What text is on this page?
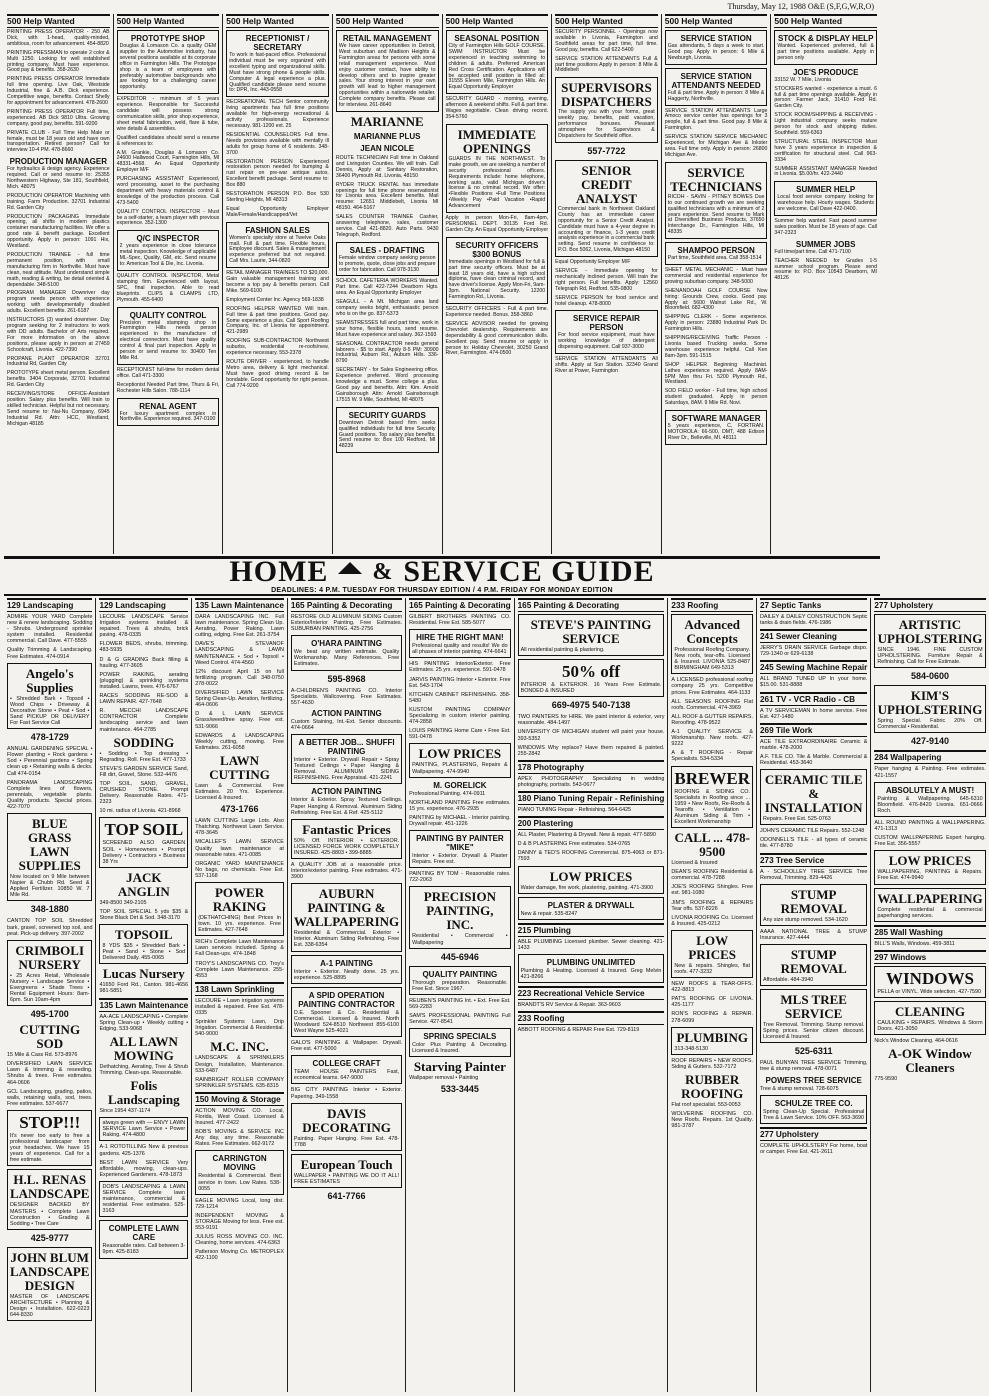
Thursday, May 12, 1988 O&E (S,F,G,W,R,O)
500 Help Wanted
PRINTING PRESS OPERATOR - 250 AB Dick, with 1-head, quality-minded, ambitious, room for advancement. 454-8820
PRINTING PRESSMAN to operate 2 color & Multi 1250. Looking for well established printing company. Must have experience. Good pay & benefits. 358-2630
PRINTING PRESS OPERATOR Immediate full time opening. Live Oak, Westside Industrial, fine & A.B. Dick experience. Competitive wage, benefits. Contact Shelly for appointment for advancement. 478-2600
PRINTING PRESS OPERATOR Full time, experienced. AB Dick 9810 Ultra. Growing company, good pay, benefits. 591-9200
PRIVATE CLUB - Full Time Help Male or female, must be 18 years old and have own transportation. Retired person? Call for interview 10-4 PM. 478-8660
PRODUCTION MANAGER
For hydraulics & design agency. Experience required. Call or send resume to: 25355 Northwestern Highway, Ste 181, Southfield, Mich. 48075
PRODUCTION OPERATOR Machining with training. Farm Production. 32701 Industrial Rd. Garden City
PRODUCTION PACKAGING Immediate opening, all shifts in modern plastics container manufacturing facilities. We offer a good rate & benefit package. Excellent opportunity. Apply in person: 1091 Hix, Westland.
PRODUCTION TRAINEE - full time permanent position, with small manufacturing firm in Northville. Must have clean, neat attitude. Must understand simple math, reading & writing, be detail oriented & dependable. 348-5100
PROGRAM MANAGER Downriver day program needs person with experience working with developmentally disabled adults. Excellent benefits. 261-6187
INSTRUCTORS (3) wanted downriver. Day program seeking for 2 instructors to work with DD adults. Bachelor of Arts required. For more information on the above positions, please apply in person at 27459 Schoolcraft, Livonia. 422-7390
PROPANE PLANT OPERATOR 32701 Industrial Rd, Garden City
PROTOTYPE sheet metal person. Excellent benefits. 3404 Corporate, 32701 Industrial Rd. Garden City
RECEIVING/STORE OFFICE-Assistant position. Salary plus benefits. Will train to skilled technician. Helpful but not necessary. Send resume to: Nai-Nu Company, 6945 Industrial Rd. Attn: HCC, Westland, Michigan 48185
500 Help Wanted
PROTOTYPE SHOP
Douglas & Lomason Co. a quality OEM supplier to the Automotive industry, has several positions available at its corporate office in Farmington Hills. The Prototype shop is a team of employees with preferably automotive backgrounds who are looking for a challenging career opportunity.
EXPEDITOR - minimum of 5 years experience. Responsible for Successful candidate will possess strong communication skills, prior shop experience, sheet metal fabrication, weld, flare & tube, wire details & assemblies.
Qualified candidates should send a resume & references to:
A.M. Grankie, Douglas & Lomason Co. 24600 Hallwood Court, Farmington Hills, MI 48331-4568. An Equal Opportunity Employer M/F
PURCHASING ASSISTANT Experienced, word processing, asset to the purchasing department with heavy materials control & knowledge of the production process. Call 473-5400
QUALITY CONTROL INSPECTOR - Must be a self-starter, a team player with previous experience. 352-1300
Q/C INSPECTOR
2 years experience in close tolerance metal inspection. Knowledge of applicable ML-Spec, Quality, GM, etc. Send resume to: American Tool & Die, Inc. Livonia.
QUALITY CONTROL INSPECTOR, Metal stamping firm. Experienced with layout, SPC, final inspection. Able to read blueprints. CLIPS & CLAMPS LTD, Plymouth. 455-6400
QUALITY CONTROL
Precision metal stamping shop in Farmington Hills needs person experienced in the manufacture of electrical connectors. Must have quality control & final part inspection. Apply in person or send resume to: 30400 Ten Mile Rd.
RECEPTIONIST full-time for modern dental office. Call 471-3300
Receptionist Needed Part time, Thurs & Fri, Rochester Hills Salon. 788-1114
RENAL AGENT
For luxury apartment complex in Northville. Experience required. 347-0100
500 Help Wanted
RECEPTIONIST / SECRETARY
To work in fast-paced office. Professional individual must be very organized with excellent typing and organizational skills. Must have strong phone & people skills. Computer & legal experience a plus. Qualified candidate please send resume to: DPR, Inc. 443-0558
RECREATIONAL TECH Senior community living apartments has full time positions available for high-energy recreational & activity professionals. Experience necessary. 981-1200 ext. 25
RESIDENTIAL COUNSELORS Full time. Needs provisions available with mentally ill adults for group home of 6 residents. 348-3700
RESTORATION PERSON Experienced restoration person needed for bumping & rust repair on pre-war antique autos. Excellent benefit package. Send resume to: Box 880
RESTORATION PERSON P.O. Box 530 Sterling Heights, MI 48313
Equal Opportunity Employer Male/Female/Handicapped/Vet
FASHION SALES
Women's specialty store at Twelve Oaks mall. Full & part time. Flexible hours, Employee discount. Sales & management experience preferred but not required. Call Mrs. Laurie, 344-0820
RETAIL MANAGER TRAINEES TO $20,000. Gain valuable management training and become a top pay & benefits person. Call Mike. 569-6100
Employment Center Inc. Agency 569-1838
ROOFING HELPER WANTED Will train. Full time & part time positions. Good pay. Some experience a plus. Call Sport Roofing Company, Inc. of Livonia for appointment. 421-2989
ROOFING SUB-CONTRACTOR Northwest suburbs, residential re-roofs/new, experience necessary. 553-2378
ROUTE DRIVER - experienced, to handle Metro area, delivery & light mechanical. Must have good driving record & be bondable. Good opportunity for right person. Call 774-9200
500 Help Wanted
RETAIL MANAGEMENT
We have career opportunities in Detroit, West suburban and Madison Heights & Farmington areas for persons with some retail management experience. Must enjoy customer contact, have ability to develop others and to inspire greater sales. Your strong interest in your own growth will lead to higher management opportunities within a nationwide retailer. Complete company benefits. Please call for interview. 261-8640
MARIANNE
MARIANNE PLUS
JEAN NICOLE
ROUTE TECHNICIAN Full time in Oakland and Livingston Counties. We will train. Call Dennis, Apply at: Sanitary Restoration, 36400 Plymouth Rd. Livonia, 48150
RYDER TRUCK RENTAL has immediate openings for full time phone reservationist for Livonia area. Excellent benefits. Mail resume: 12651 Middlebelt, Livonia MI 48150. 464-5167
SALES COUNTER TRAINEE Cashier, answering telephone, sales, customer service. Call 421-8820. Auto Parts. 9430 Telegraph, Redford.
SALES - DRAFTING
Female window company seeking person to promote, quote, close jobs and prepare order for fabrication. Call 978-3130
SCHOOL CAFETERIA WORKERS Wanted. Part time. Call 422-7244 Dearborn Hgts. area. An Equal Opportunity Employer
SEAGULL - A Mt. Michigan area land company seeks bright, enthusiastic person who is on the go. 837-5373
SEAMSTRESSES full and part time, work in your home, flexible hours, send resume. Must have experience and salary. 362-1593
SEASONAL CONTRACTOR needs general laborers - $5 to start. Apply 8-5 PM: 30900 Industrial, Auburn Rd., Auburn Hills. 336-8790
SECRETARY - for Sales Engineering office. Experience preferred. Word processing knowledge a must. Some college a plus. Good pay and benefits. Attn: Kim. Arnold Gainsborough Attn: Arnold Gainsborough 17515 W. 9 Mile, Southfield, MI 48075
SECURITY GUARDS
Downtown Detroit based firm seeks qualified individuals for full time Security Guard positions. Top salary plus benefits. Send resume to: Box 100 Redford, MI 48239
500 Help Wanted
SEASONAL POSITION
City of Farmington Hills GOLF COURSE. SWIM INSTRUCTOR Must be experienced in teaching swimming to children & adults. Preferred American Red Cross Certification. Applications will be accepted until position is filled at: 31555 Eleven Mile, Farmington Hills. An Equal Opportunity Employer
SECURITY GUARD - morning, evening, afternoon & weekend shifts. Full & part time. Wages negotiable. Clean driving record. 354-5760
IMMEDIATE OPENINGS
GUARDS IN THE NORTHWEST. To make growth, we are seeking a number of security professional officers. Requirements include: home telephone, working auto, valid Michigan driver's license & no criminal record. We offer: •Flexible Positions •Full Time Positions •Weekly Pay •Paid Vacation •Rapid Advancement
Apply in person Mon-Fri, 8am-4pm, PERSONNEL DEPT. 30135 Ford Rd. Garden City. An Equal Opportunity Employer
SECURITY OFFICERS $300 BONUS
Immediate openings in Westland for full & part time security officers. Must be at least 18 years old, have a high school diploma, have clean criminal record, and have driver's license. Apply Mon-Fri, 9am-3pm. National Security. 12200 Farmington Rd., Livonia.
SECURITY OFFICERS - Full & part time. Experience needed. Bonus. 358-3860
SERVICE ADVISOR needed for growing Chevrolet dealership. Requirements are dependability & good communication skills. Excellent pay. Send resume or apply in person to: Holiday Chevrolet, 30250 Grand River, Farmington. 474-0500
500 Help Wanted
SECURITY PERSONNEL - Openings now available in Livonia, Farmington and Southfield areas for part time, full time. Good pay, benefits. Call 622-5400
SERVICE STATION ATTENDANTS Full & part time positions Apply in person: 8 Mile & Middlebelt
SUPERVISORS DISPATCHERS
The supply you with your forms, great weekly pay, benefits, paid vacation, performance bonuses. Pleasant atmosphere for Supervisors & Dispatchers for Southfield office.
557-7722
SENIOR CREDIT ANALYST
Commercial bank in Northwest Oakland County has an immediate career opportunity for a Senior Credit Analyst. Candidate must have a 4-year degree in accounting or finance, 1-3 years credit analysis experience in a commercial bank setting. Send resume in confidence to: P.O. Box 5062, Livonia, Michigan 48150
Equal Opportunity Employer M/F
SERVICE - Immediate opening for mechanically inclined person. Will train the right person. Full benefits. Apply: 12560 Telegraph Rd, Redford. 535-0800
SERVICE PERSON for food service and hotel cleanup. 478-8000
SERVICE REPAIR PERSON
For food service equipment, must have working knowledge of detergent dispensing equipment. Call 937-3000
SERVICE STATION ATTENDANTS All shifts. Apply at Sun Station. 32340 Grand River at Power, Farmington
500 Help Wanted
SERVICE STATION
Gas attendants, 5 days a week to start. Good pay. Apply in person: 6 Mile & Newburgh, Livonia.
SERVICE STATION ATTENDANTS NEEDED
Full & part time. Apply in person: 8 Mile & Haggerty, Northville.
SERVICE STATION ATTENDANTS Large Amoco service center has openings for 3 people, full & part time. Good pay. 8 Mile & Farmington.
SERVICE STATION SERVICE MECHANIC Experienced, for Michigan Ave & Inkster area. Full time only. Apply in person: 26800 Michigan Ave.
SERVICE TECHNICIANS
RICOH - SAVIN - PITNEY BOWES Due to our continued growth we are seeking qualified technicians with a minimum of 2 years experience. Send resume to Mark at Diversified Business Products, 37650 Interchange Dr., Farmington Hills, MI 48335
SHAMPOO PERSON
Part time, Southfield area. Call 358-1514
SHEET METAL MECHANIC - Must have commercial and residential experience for growing suburban company. 348-5000
SHENANDOAH GOLF COURSE Now hiring: Grounds Crew, cooks. Good pay. Apply at: 5600 Walnut Lake Rd., W. Bloomfield. 682-4300
SHIPPING CLERK - Some experience. Apply in person: 23880 Industrial Park Dr. Farmington Hills.
SHIPPING/RECEIVING Traffic Person - Livonia based Trucking seeks. Some warehouse experience helpful. Call Ken 8am-3pm. 591-1515
SHOP HELPER Beginning Machinist. Lathes experience required. Apply 8AM-5PM Mon thru Fri. 5200 Plymouth Rd., Westland.
SOD FIELD worker - Full time, high school student graduated. Apply in person Saturdays, 8AM. 9 Mile Rd. Novi.
SOFTWARE MANAGER
5 years experience, C, FORTRAN. MOTOROLA: 66-500, DMT, 488 Edison River Dr., Belleville, MI. 48111
500 Help Wanted
STOCK & DISPLAY HELP
Wanted. Experienced preferred, full & part time positions available. Apply in person only
JOE'S PRODUCE
33152 W. 7 Mile, Livonia
STOCKERS wanted - experience a must. 6 full & part time openings available. Apply in person: Farmer Jack, 31410 Ford Rd. Garden City.
STOCK ROOM/SHIPPING & RECEIVING - Light industrial company seeks mature person for stock and shipping duties. Southfield. 559-6363
STRUCTURAL STEEL INSPECTOR Must have 3 years experience in inspection & certification for structural steel. Call 963-3334
SUMMER ASSISTANT MANAGER Needed in Livonia. $5.00/hr. 422-2440
SUMMER HELP
Local food service company looking for warehouse help. Hourly wages. Students are welcome. Call Dave 422-0400.
Summer help wanted. Fast paced summer sales position. Must be 18 years of age. Call 347-2323
SUMMER JOBS
Full time/part time. Call 471-7100
TEACHER NEEDED for Grades 1-5 summer school program. Please send resume to: P.O. Box 10543 Dearborn, MI 48126
HOME & SERVICE GUIDE
DEADLINES: 4 P.M. TUESDAY FOR THURSDAY EDITION / 4 P.M. FRIDAY FOR MONDAY EDITION
129 Landscaping
ADMIRE YOUR YARD Complete new & renew landscaping. Sodding - Shrubs. Underground sprinkler system installed. Residential commercial. Call Dave. 477-5555
Quality Trimming & Landscaping. Free Estimates. 474-0914
Angelo's Supplies
• Shredded Bark • Topsoil • Wood Chips • Driveway & Decorative Stone • Peat • Sod • Sand PICKUP OR DELIVERY For Fast Service Call
478-1729
ANNUAL GARDENING SPECIAL • Flower planting • Rock gardens • Sod • Perennial gardens • Spring clean up • Retaining walls & decks. Call 474-0154
PANORAMA LANDSCAPING Complete lines of flowers, perennials, vegetable plants. Quality products. Special prices. 422-7070
BLUE GRASS LAWN SUPPLIES
Now located on 9 Mile between Napier & Chubb Rd. Seed & Applied Fertilizer. 10850 W. 7 Mile Rd.
348-1880
CANTON TOP SOIL Shredded bark, gravel, screened top soil, and peat. Pick-up delivery. 397-2002
CRIMBOLI NURSERY
• 25 Acres Retail, Wholesale Nursery • Landscape Service • Evergreens • Shade Trees • Rental Equipment Hours: 8am-6pm. Sun 10am-4pm
495-1700
CUTTING SOD
15 Mile & Cass Rd. 573-8976
DIVERSIFIED LAWN SERVICE Lawn & trimming & reseeding. Shrubs & trees. Free estimates. 464-0606
GCL Landscaping, grading, patios, walls, retaining walls, sod, trees. Free estimates. 537-6677
STOP!!!
It's never too early to free a professional landscaper from your headaches. We have 15 years of experience. Call for a free estimate.
H.L. RENAS LANDSCAPE
DESIGNER BACKED BY MASTERS • Complete Lawn Construction • Grading & Sodding • Tree Care
425-9777
JOHN BLUM LANDSCAPE DESIGN
MASTER OF LANDSCAPE ARCHITECTURE • Planning & Design • Installation. 622-0223 644-8330
129 Landscaping
LECOURE LANDSCAPE Service Irrigation systems installed & repaired. Trees & shrubs, brick paving. 478-0335
FLOWER BEDS, shrubs, trimming. 483-5935
D & G GRADING Back filling & hauling. 477-3605
POWER RAKING, aerating (plugging) & sprinkling systems installed. Lawns, trees. 476-6767
RACES SODDING RE-SOD & LAWN REPAIR. 427-7648
R. MECCHI LANDSCAPE CONTRACTOR Complete landscaping service and lawn maintenance. 464-2785
SODDING
• Sodding • Top dressing • Regrading. Roll. Free Est. 477-1733
STEVE'S GARDEN SERVICE Sand, Fill dirt, Gravel, Stone. 532-4476
TOP SOIL, SAND, GRAVEL, CRUSHED STONE. Prompt Delivery. Reasonable Rates. 471-2323
10 mi. radius of Livonia. 421-8968
TOP SOIL
SCREENED ALSO GARDEN SOIL • Homeowners • Prompt Delivery • Contractors • Business 38 Yrs
JACK ANGLIN
349-8500 349-2105
TOP SOIL SPECIAL 5 yds $35 & Stone Black Dirt & Sod. 348-3170
TOPSOIL
8 YDS $35 • Shredded Bark • Peat • Sand • Stone • Sod Delivered Daily. 455-0065
Lucas Nursery
41650 Ford Rd., Canton. 981-4656 981-5851
135 Lawn Maintenance
AA-ACE LANDSCAPING • Complete Spring Clean-up • Weekly cutting • Edging. 533-9068
ALL LAWN MOWING
Dethatching, Aerating, Tree & Shrub Trimming. Clean-ups. Reasonable.
Folis Landscaping
Since 1954 437-1174
always green with — ENVY LAWN SERVICE Lawn Service • Power Raking. 474-4800
A-1 ROTOTILLING New & previous gardens. 425-1376
BEST LAWN SERVICE Very affordable, mowing, clean-ups. Experienced Gardeners. 478-1873
DOB'S LANDSCAPING & LAWN SERVICE Complete lawn maintenance, commercial & residential. Free estimates. 525-3163
COMPLETE LAWN CARE
Reasonable rates. Call between 3-9pm. 425-8183
135 Lawn Maintenance
DARA LANDSCAPING INC. Full lawn maintenance. Spring Clean Up. Aerating, Power Raking. Lawn cutting, edging. Free Est. 261-3754
DAVE'S STEVANOF LANDSCAPING & LAWN MAINTENANCE • Sod • Topsoil • Weed Control. 474-4560
12% discount April 15 on full fertilizing program. Call 348-0750 278-0022
DIVERSIFIED LAWN SERVICE Spring Clean-Up. Aeration, fertilizing. 464-0606
D & L LAWN SERVICE Grass/weed/tree spray. Free est. 531-9066
EDWARDS & LANDSCAPING Weekly cutting, mowing. Free Estimates. 261-6058
LAWN CUTTING
Lawn & Commercial. Free Estimates. 20 Yrs. Experience. Licensed & Insured.
473-1766
LAWN CUTTING Large Lots. Also Thatching. Northwest Lawn Service. 478-3645
MICALLEF'S LAWN SERVICE Quality lawn maintenance at reasonable rates. 471-0085
ORGANIC YARD MAINTENANCE No bags, no chemicals. Free Est. 537-1168
POWER RAKING
(DETHATCHING) Best Prices in town. 10 yrs. experience. Free Estimates. 427-7648
RICH's Complete Lawn Maintenance Lawn services included. Spring & Fall Clean-ups. 474-1848
TROY'S LANDSCAPING CO. Troy's Complete Lawn Maintenance. 255-4553
138 Lawn Sprinkling
LECOURE • Lawn irrigation systems installed & repaired. Free Est. 478-0335
Sprinkler Systems Lawn, Drip Irrigation. Commercial & Residential. 540-9000
M.C. INC.
LANDSCAPE & SPRINKLERS Design, Installation, Maintenance. 533-6487
RAINBRIGHT ROLLER COMPANY SPRINKLER SYSTEMS. 635-8315
150 Moving & Storage
ACTION MOVING CO. Local, Florida, West Coast. Licensed & Insured. 477-2422
BOB'S MOVING & SERVICE INC Any day, any time. Reasonable Rates. Free Estimates. 662-9172
CARRINGTON MOVING
Residential & Commercial. Best service in town. Low Rates. 538-0055
EAGLE MOVING Local, long dist. 729-1214
INDEPENDENT MOVING & STORAGE Moving for less. Free est. 553-9191
JULIUS ROSS MOVING CO. INC. Cleaning, home services. 474-6363
Patterson Moving Co. METROPLEX 422-1100
165 Painting & Decorating
RESTORE OLD ALUMINUM SIDING Custom Exterior/Interior Painting. Free Estimates. SUBURBAN PAINTING. 425-2756
O'HARA PAINTING
We beat any written estimate. Quality Workmanship. Many References. Free Estimates.
595-8968
A-CHILDREN'S PAINTING CO. Interior Specialists. Wallcovering. Free Estimates. 557-4630
ACTION PAINTING
Custom Staining, Int.-Ext. Senior discounts. 474-0664
A BETTER JOB... SHUFFI PAINTING
Interior • Exterior. Drywall Repair • Spray Textured Ceilings • Paper Hanging & Removal. ALUMINUM SIDING REFINISHING. Free Appraisal. 421-2241
ACTION PAINTING
Interior & Exterior. Spray Textured Ceilings. Paper Hanging & Removal. Aluminum Siding Refinishing. Free Est. & Ref. 425-5112
Fantastic Prices
50% Off. INTERIOR • EXTERIOR. LICENSED FORCE WORK COMPLETELY INSURED. 425-8803 • 399-8885
A QUALITY JOB at a reasonable price. Interior/exterior painting. Free estimates. 471-3900
AUBURN PAINTING & WALLPAPERING
Residential & Commercial. Exterior • Interior. Aluminum Siding Refinishing. Free Est. 338-6354
A-1 PAINTING
Interior • Exterior. Neatly done. 25 yrs. experience. 525-8895
A SPID OPERATION PAINTING CONTRACTOR
D.E. Spooner & Co. Residential & Commercial. Licensed & Insured. North Woodward 524-8510 Northwest 855-6100 West Wayne 525-4021
GALO'S PAINTING & Wallpaper. Drywall. Free est. 477-5000
COLLEGE CRAFT
TEAM HOUSE PAINTERS Fast, economical teams. 647-9000
BIG CITY PAINTING Interior • Exterior. Papering. 349-1558
DAVIS DECORATING
Painting. Paper Hanging. Free Est. 478-7788
European Touch
WALLPAPER • PAINTING WE DO IT ALL! FREE ESTIMATES
641-7766
165 Painting & Decorating
GILBERT BROTHERS PAINTING CO. Residential. Free Est. 585-5077
HIRE THE RIGHT MAN!
Professional quality and results! We do all phases of interior painting. 474-6641
HIS PAINTING Interior/Exterior. Free Estimates. 25 yrs. experience. 591-0478
JARVIS PAINTING Interior • Exterior. Free Est. 543-1704
KITCHEN CABINET REFINISHING. 358-5480
KUSTOM PAINTING COMPANY Specializing in custom interior painting. 474-2858
LOUIS PAINTING Home Care • Free Est. 591-0478
LOW PRICES
PAINTING, PLASTERING, Repairs & Wallpapering. 474-9940
M. GORELICK
Professional Painting. 474-0911
NORTHLAND PAINTING Free estimates. 15 yrs. experience. 476-2935
PAINTING by MICHAEL - Interior painting. Drywall repair. 451-1226
PAINTING BY PAINTER "MIKE"
Interior • Exterior. Drywall & Plaster Repairs. Free est.
PAINTING BY TOM - Reasonable rates. 722-2063
PRECISION PAINTING, INC.
Residential • Commercial • Wallpapering
445-6946
QUALITY PAINTING
Thorough preparation. Reasonable. Free Est. Since 1967.
REUBEN'S PAINTING Int. • Ext. Free Est. 569-2283
SAM'S PROFESSIONAL PAINTING Full Service. 427-8541
SPRING SPECIALS
Color Plus Painting & Decorating. Licensed & Insured.
Starving Painter
Wallpaper removal • Painting
533-3445
165 Painting & Decorating
STEVE'S PAINTING SERVICE
All residential painting & plastering.
50% off
INTERIOR & EXTERIOR. 16 Years Free Estimate. BONDED & INSURED
669-4975 540-7138
TWO PAINTERS for HIRE. We paint interior & exterior, very reasonable. 484-1497
UNIVERSITY OF MICHIGAN student will paint your house. 393-5352
WINDOWS Why replace? Have them repaired & painted. 255-2842
178 Photography
APEX PHOTOGRAPHY Specializing in wedding photography, portraits. 543-0677
180 Piano Tuning Repair - Refinishing
PIANO TUNING Repair - Refinishing. 564-6425
200 Plastering
ALL Plaster, Plastering & Drywall. New & repair. 477-5890
D & B PLASTERING Free estimates. 534-0765
DANNY & TED'S ROOFING Commercial. 875-4063 or 871-7593
LOW PRICES
Water damage, fire work, plastering, painting. 471-3900
PLASTER & DRYWALL
New & repair. 535-8247
215 Plumbing
ABLE PLUMBING Licensed plumber. Sewer cleaning. 421-1433
PLUMBING UNLIMITED
Plumbing & Heating. Licensed & Insured. Greg Melvin 421-8266
223 Recreational Vehicle Service
BRANDT'S RV Service & Repair. 363-9603
233 Roofing
ABBOTT ROOFING & REPAIR Free Est. 729-8119
233 Roofing
Advanced Concepts
Professional Roofing Company. New roofs, tear-offs. Licensed & Insured. LIVONIA 525-8487 BIRMINGHAM 649-5313
A LICENSED professional roofing company 25 yrs. Competitive prices. Free Estimates. 464-1133
ALL SEASONS ROOFING Flat roofs. Commercial. 474-3969
ALL ROOF & GUTTER REPAIRS. Reroofing. 478-9522
A-1 QUALITY SERVICE & Workmanship. New roofs. 427-9222
A & T ROOFING - Repair Specialists. 534-5334
BREWER
ROOFING & SIDING CO. Specialists in Roofing since ... 1959 • New Roofs, Re-Roofs & Tearoffs • Ventilation • Aluminum Siding & Trim • Excellent Workmanship
CALL ... 478-9500
Licensed & Insured
DEAN'S ROOFING Residential & commercial. 478-7288
JOE'S ROOFING Shingles. Free est. 981-1080
JIM'S ROOFING & REPAIRS Tear offs. 537-8226
LIVONIA ROOFING Co. Licensed & Insured. 425-0212
LOW PRICES
New & repairs. Shingles, flat roofs. 477-3232
NEW ROOFS & TEAR-OFFS. 422-8813
PAT'S ROOFING OF LIVONIA. 425-1177
RON'S ROOFING & REPAIR. 278-6099
PLUMBING
313-348-5130
ROOF REPAIRS • NEW ROOFS. Siding & Gutters. 532-7172
RUBBER ROOFING
Flat roof specialist. 553-0053
WOLVERINE ROOFING CO. New Roofs. Repairs. 1st Quality. 981-3787
27 Septic Tanks
DAILEY & DAILEY CONSTRUCTION Septic tanks & drain fields. 476-1986
241 Sewer Cleaning
JERRY'S DRAIN SERVICE Garbage dispo. 729-1340 or 629-6138
245 Sewing Machine Repair
ALL BRAND TUNED UP In your home. $15.00. 531-8888
261 TV - VCR Radio - CB
A TV SERVICEMAN In home service. Free Est. 427-1480
269 Tile Work
ACE TILE EXTRAORDINAIRE Ceramic & marble. 478-2000
A.F. TILE CO. Tile & Marble. Commercial & Residential. 453-3640
CERAMIC TILE & INSTALLATION
Repairs. Free Est. 525-0763
JOHN'S CERAMIC TILE Repairs. 552-1248
ODONNELL'S TILE - all types of ceramic tile. 477-8780
273 Tree Service
A - SCHOOLLEY TREE SERVICE Tree Removal, Trimming. 829-4426
STUMP REMOVAL
Any size stump removed. 534-1620
AAAA NATIONAL TREE & STUMP Insurance. 427-4444
STUMP REMOVAL
Affordable. 484-3940
MLS TREE SERVICE
Tree Removal. Trimming. Stump removal. Spring prices. Senior citizen discount. Licensed & Insured.
525-6311
PAUL BUNYAN TREE SERVICE Trimming, tree & stump removal. 478-0071
POWERS TREE SERVICE
Tree & stump removal. 728-6075
SCHULZE TREE CO.
Spring Clean-Up Special. Professional Tree & Lawn Service. 10% OFF. 563-3690
277 Upholstery
COMPLETE UPHOLSTERY For home, boat or camper. Free Est. 421-2611
277 Upholstery
ARTISTIC UPHOLSTERING
SINCE 1946. FINE CUSTOM UPHOLSTERING. Furniture Repair & Refinishing. Call for Free Estimate.
584-0600
KIM'S UPHOLSTERING
Spring Special. Fabric 20% Off. Commercial • Residential.
427-9140
284 Wallpapering
Paper hanging & Painting. Free estimates. 421-1557
ABSOLUTELY A MUST!
Painting & Wallpapering. 645-6310 Bloomfield. 476-8420 Livonia. 651-0666 Roch.
ALL ROUND PAINTING & WALLPAPERING. 471-1313
CUSTOM WALLPAPERING Expert hanging. Free Est. 356-5557
LOW PRICES
WALLPAPERING, PAINTING & Repairs. Free Est. 474-9940
WALLPAPERING
Complete residential & commercial paperhanging services.
285 Wall Washing
BILL'S Walls, Windows. 459-3811
297 Windows
WINDOWS
PELLA or VINYL. Wide selection. 427-7590
CLEANING
CAULKING • REPAIRS. Windows & Storm Doors. 421-3050
Nick's Window Cleaning. 464-0616
A-OK Window Cleaners
775-9590
